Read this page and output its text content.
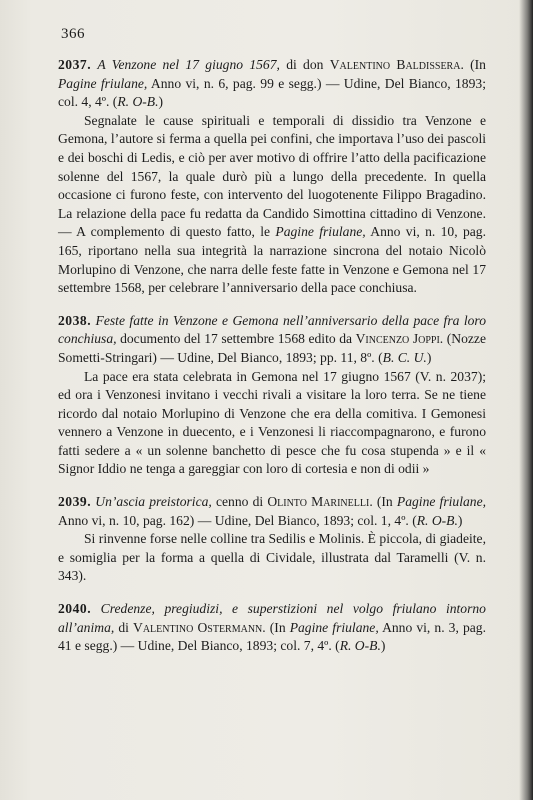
366

2037. A Venzone nel 17 giugno 1567, di don Valentino Baldissera. (In Pagine friulane, Anno vi, n. 6, pag. 99 e segg.) — Udine, Del Bianco, 1893; col. 4, 4º. (R. O-B.)

Segnalate le cause spirituali e temporali di dissidio tra Venzone e Gemona, l’autore si ferma a quella pei confini, che importava l’uso dei pascoli e dei boschi di Ledis, e ciò per aver motivo di offrire l’atto della pacificazione solenne del 1567, la quale durò più a lungo della precedente. In quella occasione ci furono feste, con intervento del luogotenente Filippo Bragadino. La relazione della pace fu redatta da Candido Simottina cittadino di Venzone. — A complemento di questo fatto, le Pagine friulane, Anno vi, n. 10, pag. 165, riportano nella sua integrità la narrazione sincrona del notaio Nicolò Morlupino di Venzone, che narra delle feste fatte in Venzone e Gemona nel 17 settembre 1568, per celebrare l’anniversario della pace conchiusa.

2038. Feste fatte in Venzone e Gemona nell’anniversario della pace fra loro conchiusa, documento del 17 settembre 1568 edito da Vincenzo Joppi. (Nozze Sometti-Stringari) — Udine, Del Bianco, 1893; pp. 11, 8º. (B. C. U.)

La pace era stata celebrata in Gemona nel 17 giugno 1567 (V. n. 2037); ed ora i Venzonesi invitano i vecchi rivali a visitare la loro terra. Se ne tiene ricordo dal notaio Morlupino di Venzone che era della comitiva. I Gemonesi vennero a Venzone in duecento, e i Venzonesi li riaccompagnarono, e furono fatti sedere a « un solenne banchetto di pesce che fu cosa stupenda » e il « Signor Iddio ne tenga a gareggiar con loro di cortesia e non di odii »

2039. Un’ascia preistorica, cenno di Olinto Marinelli. (In Pagine friulane, Anno vi, n. 10, pag. 162) — Udine, Del Bianco, 1893; col. 1, 4º. (R. O-B.)

Si rinvenne forse nelle colline tra Sedilis e Molinis. È piccola, di giadeite, e somiglia per la forma a quella di Cividale, illustrata dal Taramelli (V. n. 343).

2040. Credenze, pregiudizi, e superstizioni nel volgo friulano intorno all’anima, di Valentino Ostermann. (In Pagine friulane, Anno vi, n. 3, pag. 41 e segg.) — Udine, Del Bianco, 1893; col. 7, 4º. (R. O-B.)
